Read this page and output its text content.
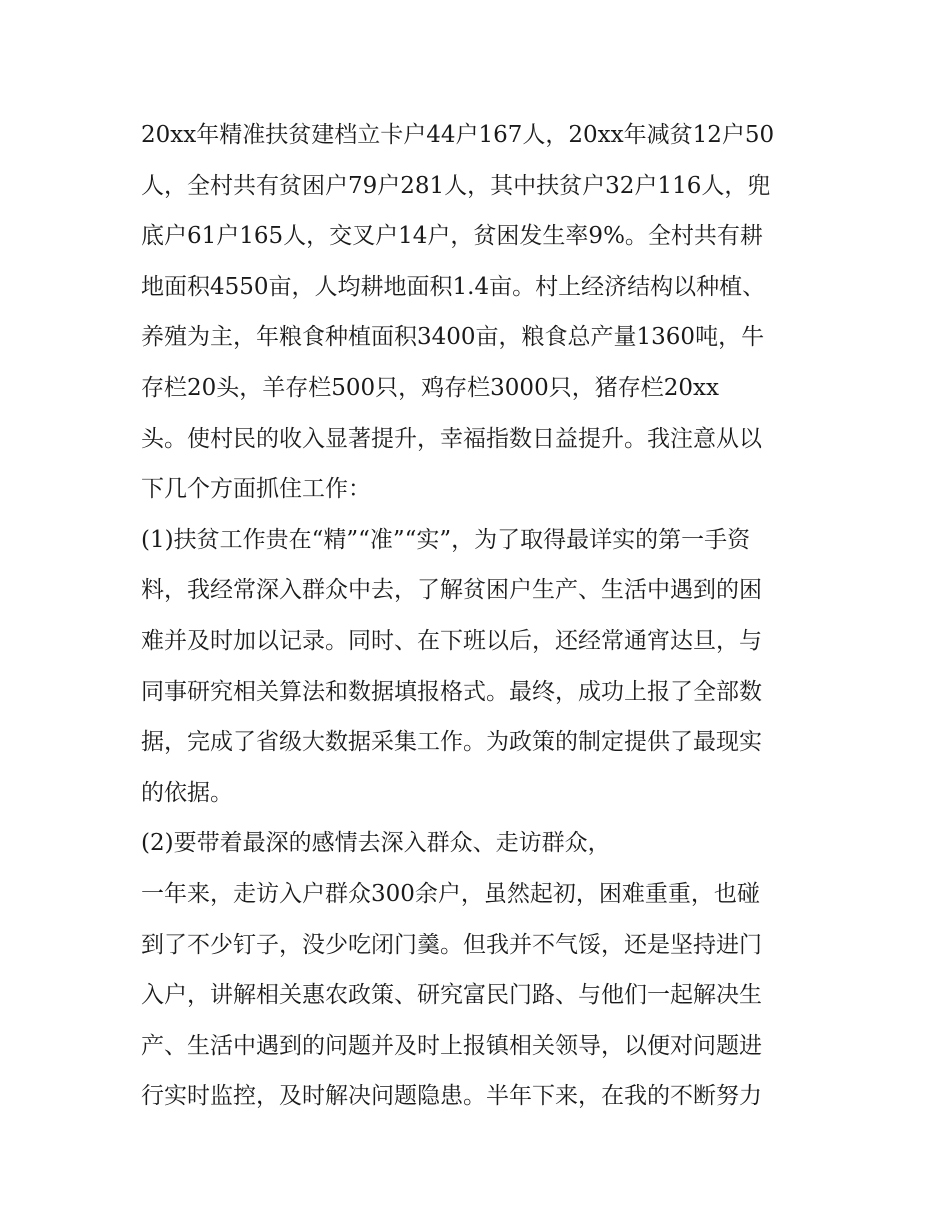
20xx年精准扶贫建档立卡户44户167人，20xx年减贫12户50
人，全村共有贫困户79户281人，其中扶贫户32户116人，兜
底户61户165人，交叉户14户，贫困发生率9%。全村共有耕
地面积4550亩，人均耕地面积1.4亩。村上经济结构以种植、
养殖为主，年粮食种植面积3400亩，粮食总产量1360吨，牛
存栏20头，羊存栏500只，鸡存栏3000只，猪存栏20xx
头。使村民的收入显著提升，幸福指数日益提升。我注意从以
下几个方面抓住工作：
(1)扶贫工作贵在“精”“准”“实”，为了取得最详实的第一手资
料，我经常深入群众中去，了解贫困户生产、生活中遇到的困
难并及时加以记录。同时、在下班以后，还经常通宵达旦，与
同事研究相关算法和数据填报格式。最终，成功上报了全部数
据，完成了省级大数据采集工作。为政策的制定提供了最现实
的依据。
(2)要带着最深的感情去深入群众、走访群众，
一年来，走访入户群众300余户，虽然起初，困难重重，也碰
到了不少钉子，没少吃闭门羹。但我并不气馁，还是坚持进门
入户，讲解相关惠农政策、研究富民门路、与他们一起解决生
产、生活中遇到的问题并及时上报镇相关领导，以便对问题进
行实时监控，及时解决问题隐患。半年下来，在我的不断努力
